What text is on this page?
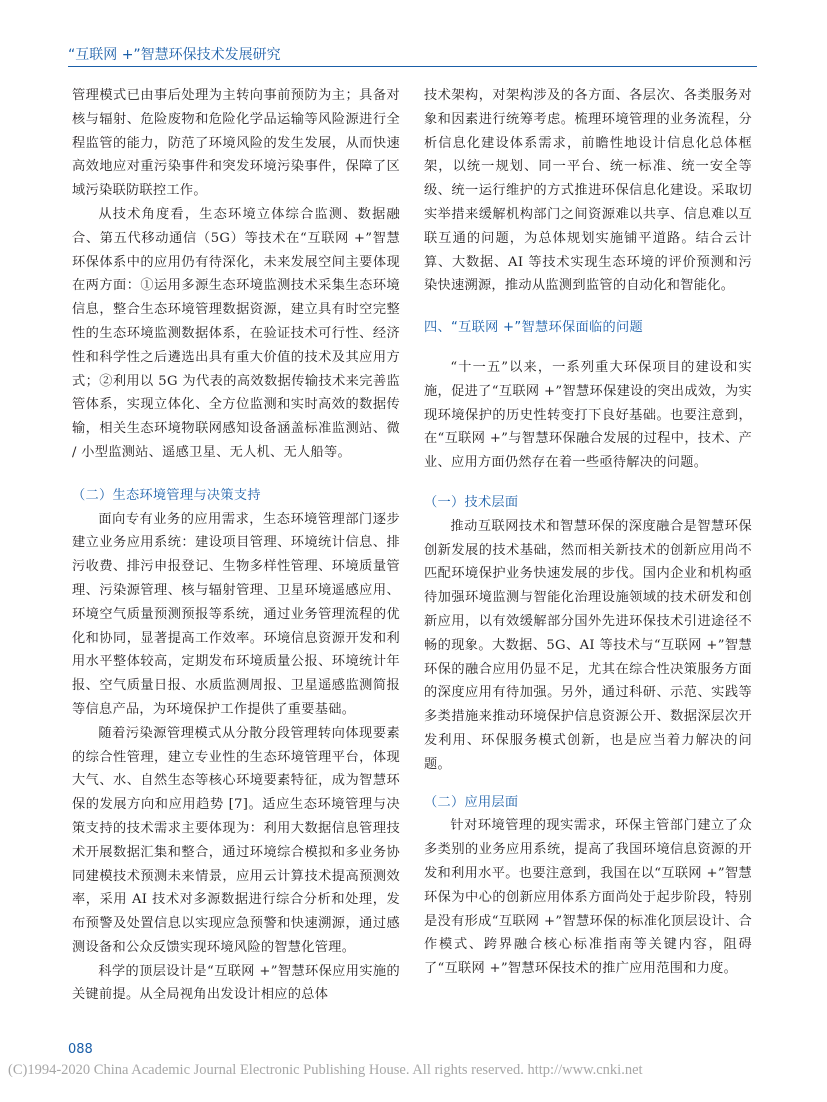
“互联网 +”智慧环保技术发展研究

管理模式已由事后处理为主转向事前预防为主；具备对核与辐射、危险废物和危险化学品运输等风险源进行全程监管的能力，防范了环境风险的发生发展，从而快速高效地应对重污染事件和突发环境污染事件，保障了区域污染联防联控工作。

从技术角度看，生态环境立体综合监测、数据融合、第五代移动通信（5G）等技术在“互联网 +”智慧环保体系中的应用仍有待深化，未来发展空间主要体现在两方面：①运用多源生态环境监测技术采集生态环境信息，整合生态环境管理数据资源，建立具有时空完整性的生态环境监测数据体系，在验证技术可行性、经济性和科学性之后遴选出具有重大价值的技术及其应用方式；②利用以 5G 为代表的高效数据传输技术来完善监管体系，实现立体化、全方位监测和实时高效的数据传输，相关生态环境物联网感知设备涵盖标准监测站、微 / 小型监测站、遥感卫星、无人机、无人船等。

（二）生态环境管理与决策支持

面向专有业务的应用需求，生态环境管理部门逐步建立业务应用系统：建设项目管理、环境统计信息、排污收费、排污申报登记、生物多样性管理、环境质量管理、污染源管理、核与辐射管理、卫星环境遥感应用、环境空气质量预测预报等系统，通过业务管理流程的优化和协同，显著提高工作效率。环境信息资源开发和利用水平整体较高，定期发布环境质量公报、环境统计年报、空气质量日报、水质监测周报、卫星遥感监测简报等信息产品，为环境保护工作提供了重要基础。

随着污染源管理模式从分散分段管理转向体现要素的综合性管理，建立专业性的生态环境管理平台，体现大气、水、自然生态等核心环境要素特征，成为智慧环保的发展方向和应用趋势 [7]。适应生态环境管理与决策支持的技术需求主要体现为：利用大数据信息管理技术开展数据汇集和整合，通过环境综合模拟和多业务协同建模技术预测未来情景，应用云计算技术提高预测效率，采用 AI 技术对多源数据进行综合分析和处理，发布预警及处置信息以实现应急预警和快速溯源，通过感测设备和公众反馈实现环境风险的智慧化管理。

科学的顶层设计是“互联网 +”智慧环保应用实施的关键前提。从全局视角出发设计相应的总体

技术架构，对架构涉及的各方面、各层次、各类服务对象和因素进行统筹考虑。梳理环境管理的业务流程，分析信息化建设体系需求，前瞻性地设计信息化总体框架，以统一规划、同一平台、统一标准、统一安全等级、统一运行维护的方式推进环保信息化建设。采取切实举措来缓解机构部门之间资源难以共享、信息难以互联互通的问题，为总体规划实施铺平道路。结合云计算、大数据、AI 等技术实现生态环境的评价预测和污染快速溯源，推动从监测到监管的自动化和智能化。

四、“互联网 +”智慧环保面临的问题

“十一五”以来，一系列重大环保项目的建设和实施，促进了“互联网 +”智慧环保建设的突出成效，为实现环境保护的历史性转变打下良好基础。也要注意到，在“互联网 +”与智慧环保融合发展的过程中，技术、产业、应用方面仍然存在着一些亟待解决的问题。

（一）技术层面

推动互联网技术和智慧环保的深度融合是智慧环保创新发展的技术基础，然而相关新技术的创新应用尚不匹配环境保护业务快速发展的步伐。国内企业和机构亟待加强环境监测与智能化治理设施领域的技术研发和创新应用，以有效缓解部分国外先进环保技术引进途径不畅的现象。大数据、5G、AI 等技术与“互联网 +”智慧环保的融合应用仍显不足，尤其在综合性决策服务方面的深度应用有待加强。另外，通过科研、示范、实践等多类措施来推动环境保护信息资源公开、数据深层次开发利用、环保服务模式创新，也是应当着力解决的问题。

（二）应用层面

针对环境管理的现实需求，环保主管部门建立了众多类别的业务应用系统，提高了我国环境信息资源的开发和利用水平。也要注意到，我国在以“互联网 +”智慧环保为中心的创新应用体系方面尚处于起步阶段，特别是没有形成“互联网 +”智慧环保的标准化顶层设计、合作模式、跨界融合核心标准指南等关键内容，阻碍了“互联网 +”智慧环保技术的推广应用范围和力度。

088
(C)1994-2020 China Academic Journal Electronic Publishing House. All rights reserved. http://www.cnki.net
